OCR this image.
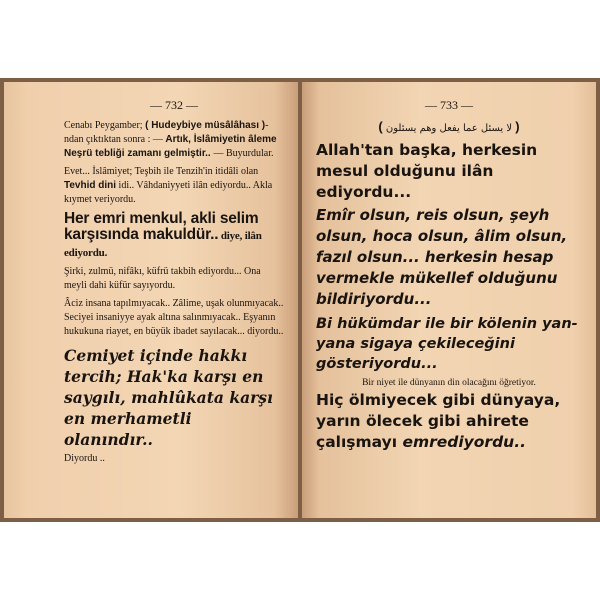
— 732 —

Cenabı Peygamber; ( Hudeybiye müsâlâhası )-ndan çıktıktan sonra : — Artık, İslâmiyetin âleme Neşrü tebliği zamanı gelmiştir.. — Buyurdular.

Evet... İslâmiyet; Teşbih ile Tenzih'in itidâli olan Tevhid dini idi.. Vâhdaniyyeti ilân ediyordu.. Akla kıymet veriyordu.

Her emri menkul, akli selim karşısında makuldür.. diye, ilân ediyordu.

Şirki, zulmü, nifâkı, küfrü takbih ediyordu... Ona meyli dahi küfür sayıyordu.

Âciz insana tapılmıyacak.. Zâlime, uşak olunmıyacak.. Seciyei insaniyye ayak altına salınmıyacak.. Eşyanın hukukuna riayet, en büyük ibadet sayılacak... diyordu..

Cemiyet içinde hakkı tercih; Hak'ka karşı en saygılı, mahlûkata karşı en merhametli olanındır..

Diyordu ..

— 733 —

( لا يسئل عما يفعل وهم يسئلون )

Allah'tan başka, herkesin mesul olduğunu ilân ediyordu...

Emîr olsun, reis olsun, şeyh olsun, hoca olsun, âlim olsun, fazıl olsun... herkesin hesap vermekle mükellef olduğunu bildiriyordu...

Bi hükümdar ile bir kölenin yan-yana sigaya çekileceğini gösteriyordu...

Bir niyet ile dünyanın din olacağını öğretiyor.

Hiç ölmiyecek gibi dünyaya, yarın ölecek gibi ahirete çalışmayı emrediyordu..
